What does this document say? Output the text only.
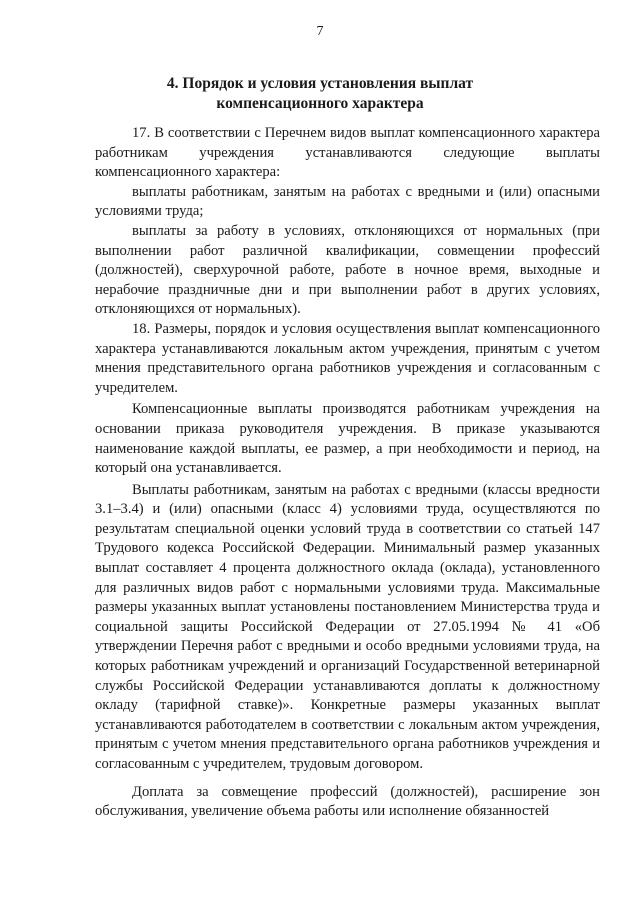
7
4. Порядок и условия установления выплат
компенсационного характера

17. В соответствии с Перечнем видов выплат компенсационного характера работникам учреждения устанавливаются следующие выплаты компенсационного характера:

выплаты работникам, занятым на работах с вредными и (или) опасными условиями труда;

выплаты за работу в условиях, отклоняющихся от нормальных (при выполнении работ различной квалификации, совмещении профессий (должностей), сверхурочной работе, работе в ночное время, выходные и нерабочие праздничные дни и при выполнении работ в других условиях, отклоняющихся от нормальных).

18. Размеры, порядок и условия осуществления выплат компенсационного характера устанавливаются локальным актом учреждения, принятым с учетом мнения представительного органа работников учреждения и согласованным с учредителем.

Компенсационные выплаты производятся работникам учреждения на основании приказа руководителя учреждения. В приказе указываются наименование каждой выплаты, ее размер, а при необходимости и период, на который она устанавливается.

Выплаты работникам, занятым на работах с вредными (классы вредности 3.1–3.4) и (или) опасными (класс 4) условиями труда, осуществляются по результатам специальной оценки условий труда в соответствии со статьей 147 Трудового кодекса Российской Федерации. Минимальный размер указанных выплат составляет 4 процента должностного оклада (оклада), установленного для различных видов работ с нормальными условиями труда. Максимальные размеры указанных выплат установлены постановлением Министерства труда и социальной защиты Российской Федерации от 27.05.1994 № 41 «Об утверждении Перечня работ с вредными и особо вредными условиями труда, на которых работникам учреждений и организаций Государственной ветеринарной службы Российской Федерации устанавливаются доплаты к должностному окладу (тарифной ставке)». Конкретные размеры указанных выплат устанавливаются работодателем в соответствии с локальным актом учреждения, принятым с учетом мнения представительного органа работников учреждения и согласованным с учредителем, трудовым договором.

Доплата за совмещение профессий (должностей), расширение зон обслуживания, увеличение объема работы или исполнение обязанностей
